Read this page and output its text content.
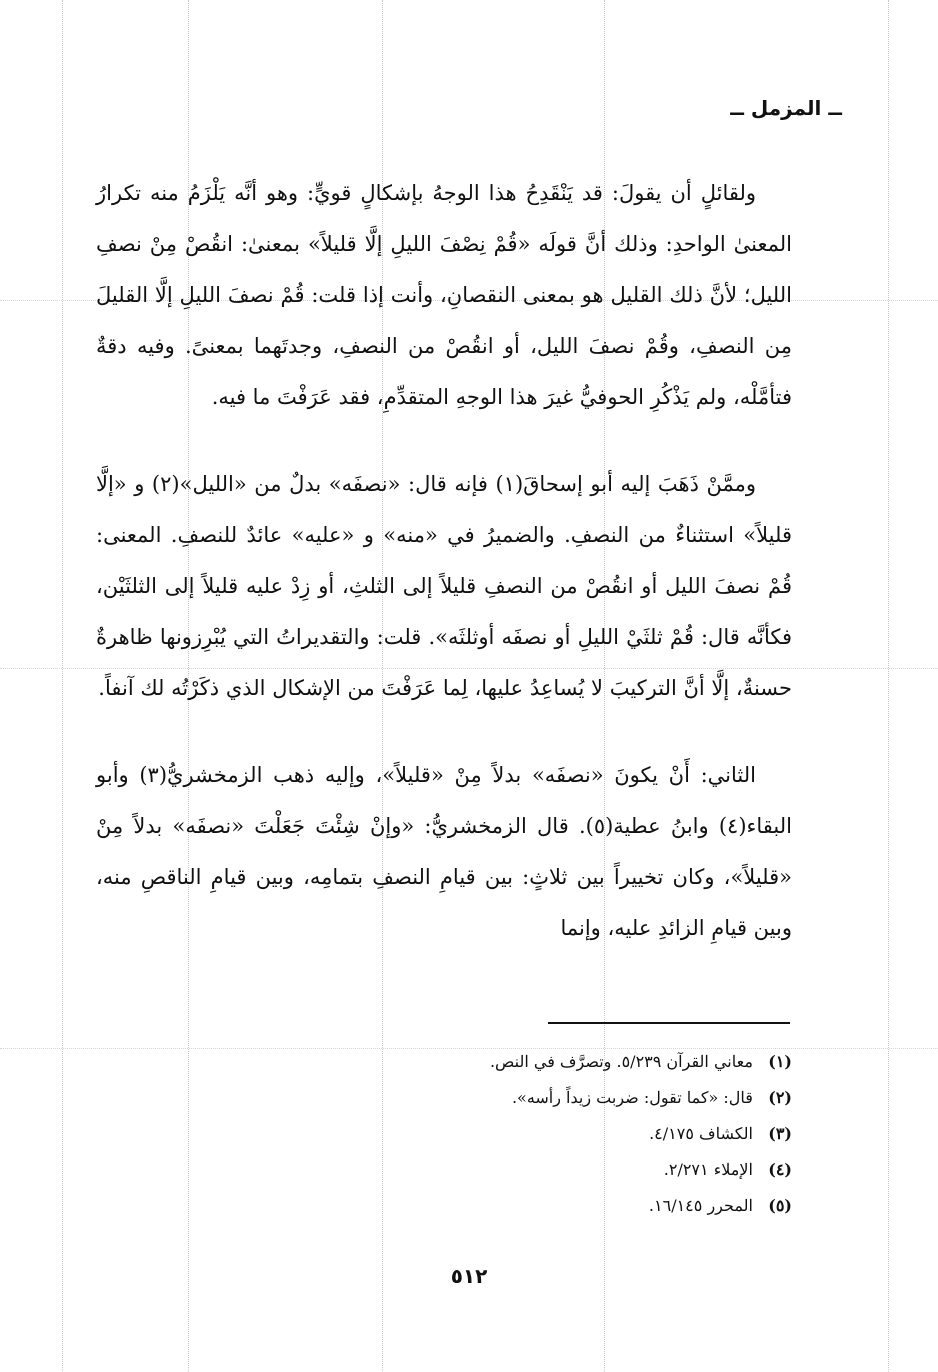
ــ المزمل ــ

ولقائلٍ أن يقولَ: قد يَنْقَدِحُ هذا الوجهُ بإشكالٍ قويٍّ: وهو أنَّه يَلْزَمُ منه تكرارُ المعنىٰ الواحدِ: وذلك أنَّ قولَه «قُمْ نِصْفَ الليلِ إلَّا قليلاً» بمعنىٰ: انقُصْ مِنْ نصفِ الليل؛ لأنَّ ذلك القليل هو بمعنى النقصانِ، وأنت إذا قلت: قُمْ نصفَ الليلِ إلَّا القليلَ مِن النصفِ، وقُمْ نصفَ الليل، أو انقُصْ من النصفِ، وجدتَهما بمعنىً. وفيه دقةٌ فتأمَّلْه، ولم يَذْكُرِ الحوفيُّ غيرَ هذا الوجهِ المتقدِّمِ، فقد عَرَفْتَ ما فيه.

وممَّنْ ذَهَبَ إليه أبو إسحاقَ(١) فإنه قال: «نصفَه» بدلٌ من «الليل»(٢) و «إلَّا قليلاً» استثناءٌ من النصفِ. والضميرُ في «منه» و «عليه» عائدٌ للنصفِ. المعنى: قُمْ نصفَ الليل أو انقُصْ من النصفِ قليلاً إلى الثلثِ، أو زِدْ عليه قليلاً إلى الثلثَيْن، فكأنَّه قال: قُمْ ثلثَيْ الليلِ أو نصفَه أوثلثَه». قلت: والتقديراتُ التي يُبْرِزونها ظاهرةٌ حسنةٌ، إلَّا أنَّ التركيبَ لا يُساعِدُ عليها، لِما عَرَفْتَ من الإشكال الذي ذكَرْتُه لك آنفاً.

الثاني: أَنْ يكونَ «نصفَه» بدلاً مِنْ «قليلاً»، وإليه ذهب الزمخشريُّ(٣) وأبو البقاء(٤) وابنُ عطية(٥). قال الزمخشريُّ: «وإنْ شِئْتَ جَعَلْتَ «نصفَه» بدلاً مِنْ «قليلاً»، وكان تخييراً بين ثلاثٍ: بين قيامِ النصفِ بتمامِه، وبين قيامِ الناقصِ منه، وبين قيامِ الزائدِ عليه، وإنما

(١) معاني القرآن ٥/٢٣٩. وتصرَّف في النص.
(٢) قال: «كما تقول: ضربت زيداً رأسه».
(٣) الكشاف ٤/١٧٥.
(٤) الإملاء ٢/٢٧١.
(٥) المحرر ١٦/١٤٥.
٥١٢
